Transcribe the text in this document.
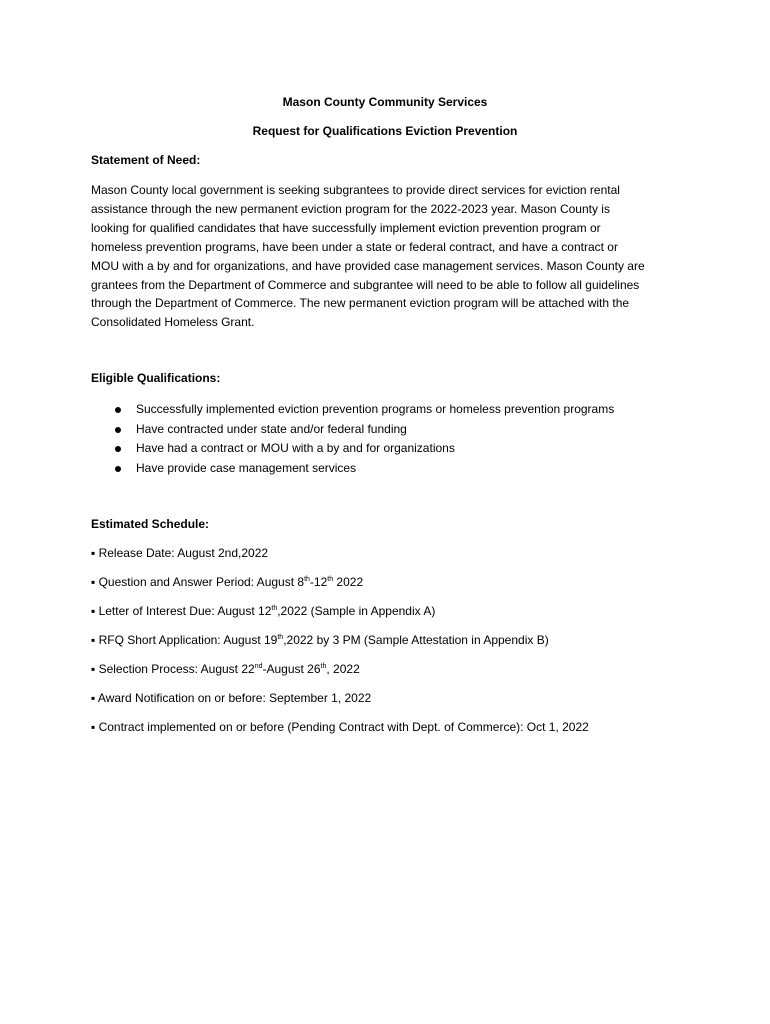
Mason County Community Services
Request for Qualifications Eviction Prevention
Statement of Need:
Mason County local government is seeking subgrantees to provide direct services for eviction rental
assistance through the new permanent eviction program for the 2022-2023 year. Mason County is
looking for qualified candidates that have successfully implement eviction prevention program or
homeless prevention programs, have been under a state or federal contract, and have a contract or
MOU with a by and for organizations, and have provided case management services. Mason County are
grantees from the Department of Commerce and subgrantee will need to be able to follow all guidelines
through the Department of Commerce. The new permanent eviction program will be attached with the
Consolidated Homeless Grant.
Eligible Qualifications:
Successfully implemented eviction prevention programs or homeless prevention programs
Have contracted under state and/or federal funding
Have had a contract or MOU with a by and for organizations
Have provide case management services
Estimated Schedule:
▪ Release Date: August 2nd,2022
▪ Question and Answer Period: August 8th-12th 2022
▪ Letter of Interest Due: August 12th,2022 (Sample in Appendix A)
▪ RFQ Short Application: August 19th,2022 by 3 PM (Sample Attestation in Appendix B)
▪ Selection Process: August 22nd-August 26th, 2022
▪ Award Notification on or before: September 1, 2022
▪ Contract implemented on or before (Pending Contract with Dept. of Commerce): Oct 1, 2022
